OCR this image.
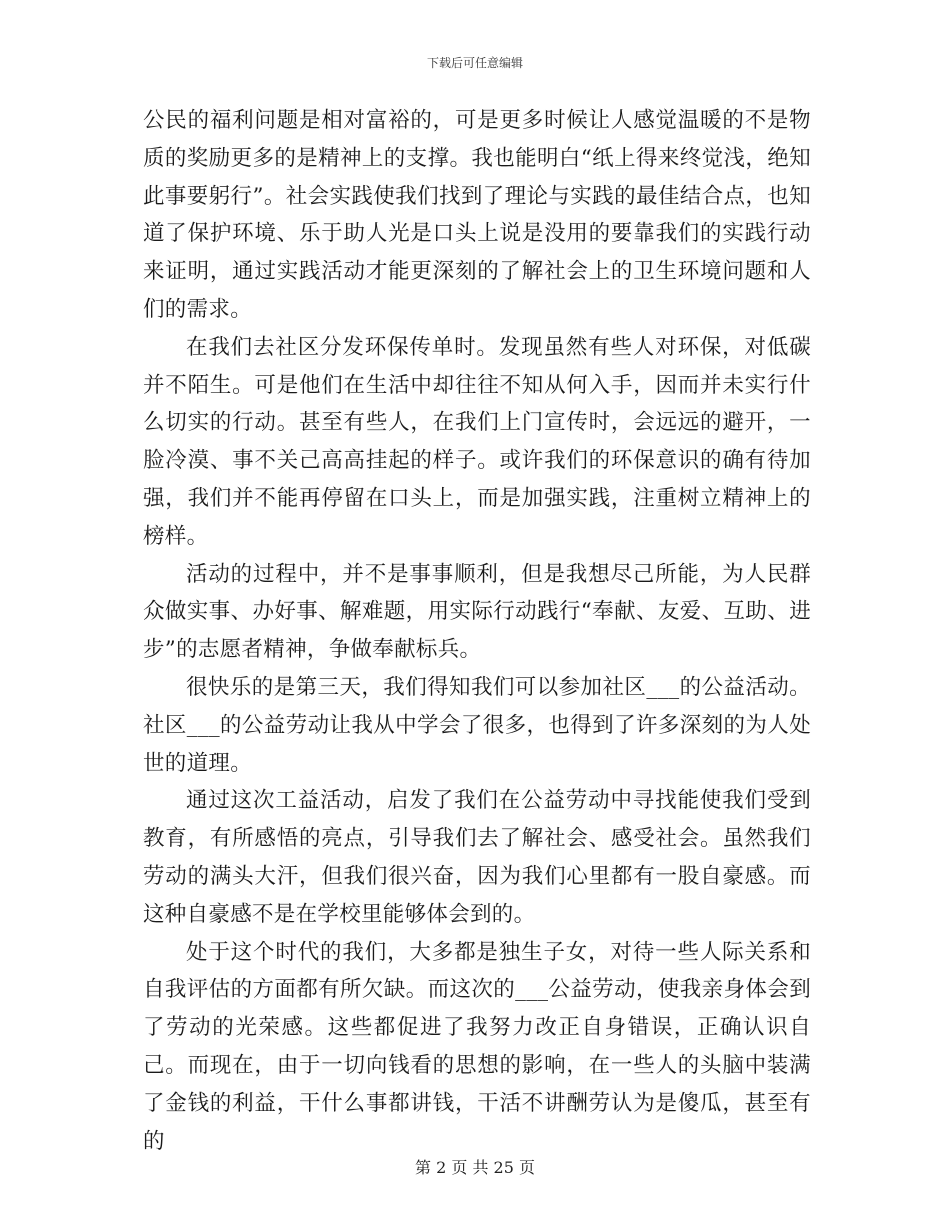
下载后可任意编辑

公民的福利问题是相对富裕的，可是更多时候让人感觉温暖的不是物质的奖励更多的是精神上的支撑。我也能明白“纸上得来终觉浅，绝知此事要躬行”。社会实践使我们找到了理论与实践的最佳结合点，也知道了保护环境、乐于助人光是口头上说是没用的要靠我们的实践行动来证明，通过实践活动才能更深刻的了解社会上的卫生环境问题和人们的需求。

在我们去社区分发环保传单时。发现虽然有些人对环保，对低碳并不陌生。可是他们在生活中却往往不知从何入手，因而并未实行什么切实的行动。甚至有些人，在我们上门宣传时，会远远的避开，一脸冷漠、事不关己高高挂起的样子。或许我们的环保意识的确有待加强，我们并不能再停留在口头上，而是加强实践，注重树立精神上的榜样。

活动的过程中，并不是事事顺利，但是我想尽己所能，为人民群众做实事、办好事、解难题，用实际行动践行“奉献、友爱、互助、进步”的志愿者精神，争做奉献标兵。

很快乐的是第三天，我们得知我们可以参加社区___的公益活动。社区___的公益劳动让我从中学会了很多，也得到了许多深刻的为人处世的道理。

通过这次工益活动，启发了我们在公益劳动中寻找能使我们受到教育，有所感悟的亮点，引导我们去了解社会、感受社会。虽然我们劳动的满头大汗，但我们很兴奋，因为我们心里都有一股自豪感。而这种自豪感不是在学校里能够体会到的。

处于这个时代的我们，大多都是独生子女，对待一些人际关系和自我评估的方面都有所欠缺。而这次的___公益劳动，使我亲身体会到了劳动的光荣感。这些都促进了我努力改正自身错误，正确认识自己。而现在，由于一切向钱看的思想的影响，在一些人的头脑中装满了金钱的利益，干什么事都讲钱，干活不讲酬劳认为是傻瓜，甚至有的

第 2 页 共 25 页
